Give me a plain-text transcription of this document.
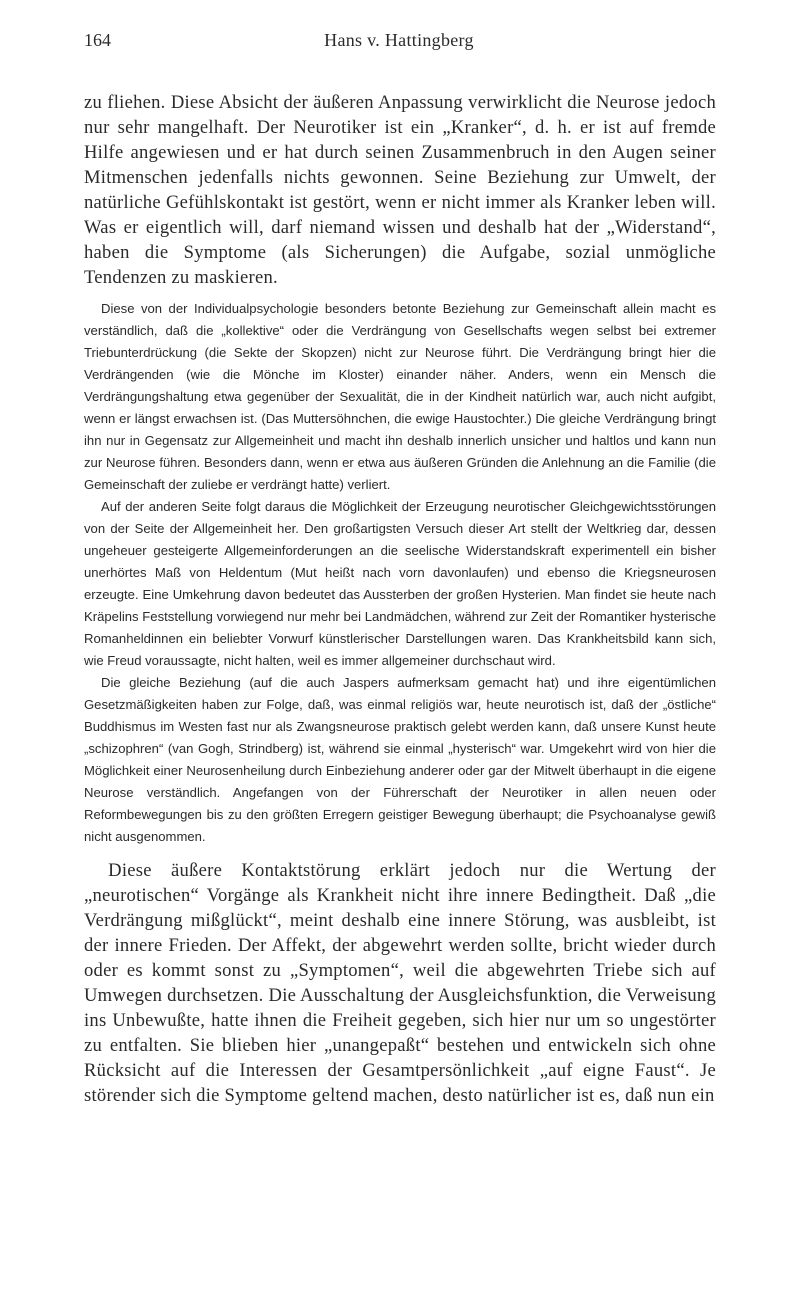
164	Hans v. Hattingberg

zu fliehen. Diese Absicht der äußeren Anpassung verwirklicht die Neurose jedoch nur sehr mangelhaft. Der Neurotiker ist ein „Kranker“, d. h. er ist auf fremde Hilfe angewiesen und er hat durch seinen Zusammenbruch in den Augen seiner Mitmenschen jedenfalls nichts gewonnen. Seine Beziehung zur Umwelt, der natürliche Gefühlskontakt ist gestört, wenn er nicht immer als Kranker leben will. Was er eigentlich will, darf niemand wissen und deshalb hat der „Widerstand“, haben die Symptome (als Sicherungen) die Aufgabe, sozial unmögliche Tendenzen zu maskieren.

Diese von der Individualpsychologie besonders betonte Beziehung zur Gemeinschaft allein macht es verständlich, daß die „kollektive“ oder die Verdrängung von Gesellschafts wegen selbst bei extremer Triebunterdrückung (die Sekte der Skopzen) nicht zur Neurose führt. Die Verdrängung bringt hier die Verdrängenden (wie die Mönche im Kloster) einander näher. Anders, wenn ein Mensch die Verdrängungshaltung etwa gegenüber der Sexualität, die in der Kindheit natürlich war, auch nicht aufgibt, wenn er längst erwachsen ist. (Das Muttersöhnchen, die ewige Haustochter.) Die gleiche Verdrängung bringt ihn nur in Gegensatz zur Allgemeinheit und macht ihn deshalb innerlich unsicher und haltlos und kann nun zur Neurose führen. Besonders dann, wenn er etwa aus äußeren Gründen die Anlehnung an die Familie (die Gemeinschaft der zuliebe er verdrängt hatte) verliert.

Auf der anderen Seite folgt daraus die Möglichkeit der Erzeugung neurotischer Gleichgewichtsstörungen von der Seite der Allgemeinheit her. Den großartigsten Versuch dieser Art stellt der Weltkrieg dar, dessen ungeheuer gesteigerte Allgemeinforderungen an die seelische Widerstandskraft experimentell ein bisher unerhörtes Maß von Heldentum (Mut heißt nach vorn davonlaufen) und ebenso die Kriegsneurosen erzeugte. Eine Umkehrung davon bedeutet das Aussterben der großen Hysterien. Man findet sie heute nach Kräpelins Feststellung vorwiegend nur mehr bei Landmädchen, während zur Zeit der Romantiker hysterische Romanheldinnen ein beliebter Vorwurf künstlerischer Darstellungen waren. Das Krankheitsbild kann sich, wie Freud voraussagte, nicht halten, weil es immer allgemeiner durchschaut wird.

Die gleiche Beziehung (auf die auch Jaspers aufmerksam gemacht hat) und ihre eigentümlichen Gesetzmäßigkeiten haben zur Folge, daß, was einmal religiös war, heute neurotisch ist, daß der „östliche“ Buddhismus im Westen fast nur als Zwangsneurose praktisch gelebt werden kann, daß unsere Kunst heute „schizophren“ (van Gogh, Strindberg) ist, während sie einmal „hysterisch“ war. Umgekehrt wird von hier die Möglichkeit einer Neurosenheilung durch Einbeziehung anderer oder gar der Mitwelt überhaupt in die eigene Neurose verständlich. Angefangen von der Führerschaft der Neurotiker in allen neuen oder Reformbewegungen bis zu den größten Erregern geistiger Bewegung überhaupt; die Psychoanalyse gewiß nicht ausgenommen.

Diese äußere Kontaktstörung erklärt jedoch nur die Wertung der „neurotischen“ Vorgänge als Krankheit nicht ihre innere Bedingtheit. Daß „die Verdrängung mißglückt“, meint deshalb eine innere Störung, was ausbleibt, ist der innere Frieden. Der Affekt, der abgewehrt werden sollte, bricht wieder durch oder es kommt sonst zu „Symptomen“, weil die abgewehrten Triebe sich auf Umwegen durchsetzen. Die Ausschaltung der Ausgleichsfunktion, die Verweisung ins Unbewußte, hatte ihnen die Freiheit gegeben, sich hier nur um so ungestörter zu entfalten. Sie blieben hier „unangepaßt“ bestehen und entwickeln sich ohne Rücksicht auf die Interessen der Gesamtpersönlichkeit „auf eigne Faust“. Je störender sich die Symptome geltend machen, desto natürlicher ist es, daß nun ein
